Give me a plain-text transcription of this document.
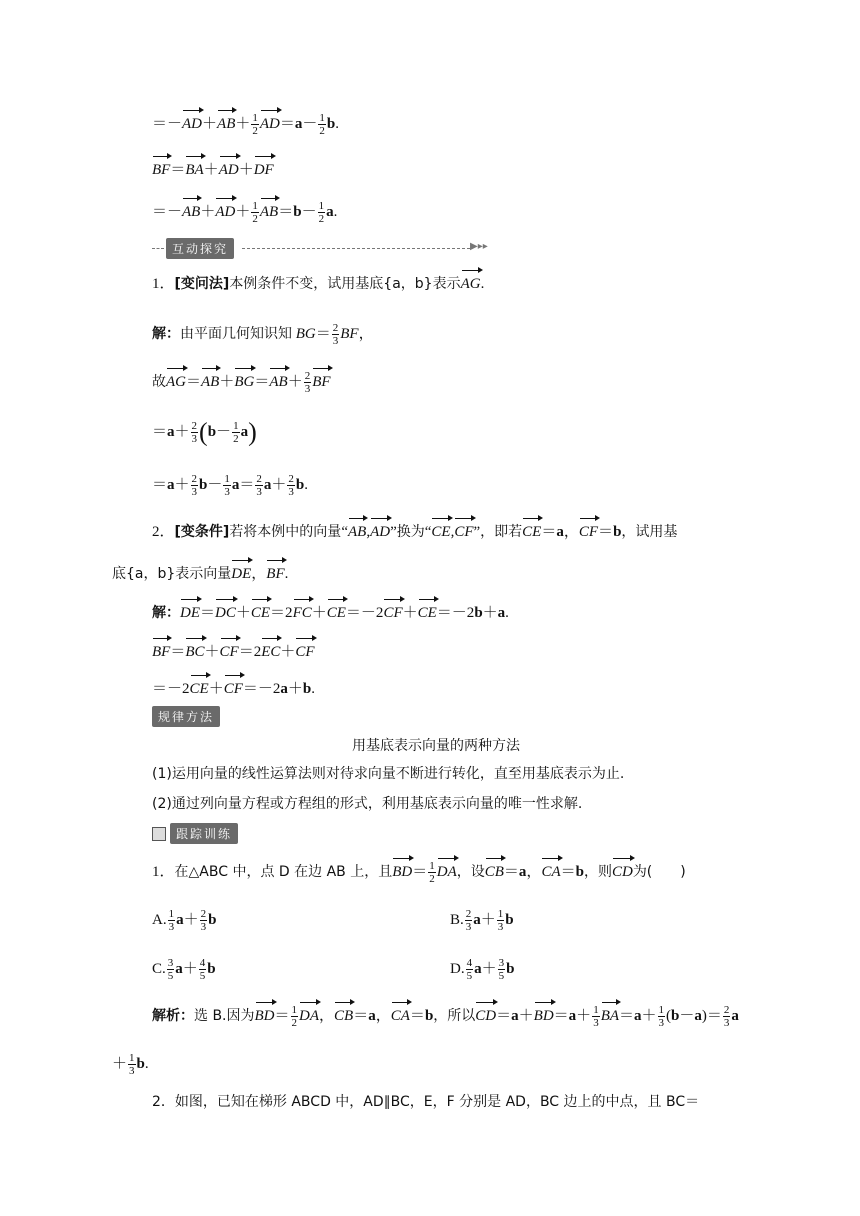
$=-AD+AB+ \frac{1}{2} AD=a- \frac{1}{2} b$.
BF＝BA＋AD＋DF
$=-AB+AD+ \frac{1}{2} AB=b- \frac{1}{2} a$.
互动探究	▶▸▸
1．[变问法]本例条件不变，试用基底{a，b}表示AG.
解：由平面几何知识知 $BG= \frac{2}{3}$ BF，
故$AG=AB+BG=AB+ \frac{2}{3}$ BF
$=a+ \frac{2}{3} (b- \frac{1}{2} a)$
$=a+ \frac{2}{3} b- \frac{1}{3} a= \frac{2}{3} a+ \frac{2}{3} b$.
2．[变条件]若将本例中的向量“AB,AD”换为“CE,CF”，即若CE＝a，CF＝b，试用基
底{a，b}表示向量DE，BF.
解：DE＝DC＋CE＝2FC＋CE＝－2CF＋CE＝－2b＋a.
BF＝BC＋CF＝2EC＋CF
＝－2CE＋CF＝－2a＋b.
规律方法
用基底表示向量的两种方法
(1)运用向量的线性运算法则对待求向量不断进行转化，直至用基底表示为止.
(2)通过列向量方程或方程组的形式，利用基底表示向量的唯一性求解.
跟踪训练
1．在△ABC 中，点 D 在边 AB 上，且$BD= \frac{1}{2}$ DA，设CB＝a，CA＝b，则CD为(　　)
A. $\frac{1}{3} a+ \frac{2}{3}$ b	B. $\frac{2}{3} a+ \frac{1}{3}$ b
C. $\frac{3}{5} a+ \frac{4}{5}$ b	D. $\frac{4}{5} a+ \frac{3}{5}$ b
解析：选 B.因为$BD= \frac{1}{2}$ DA，CB＝a，CA＝b，所以$CD=a+BD=a+ \frac{1}{3} BA=a+ \frac{1}{3} (b-a)= \frac{2}{3}$ a
＋ $\frac{1}{3} b$.
2．如图，已知在梯形 ABCD 中，AD∥BC，E，F 分别是 AD，BC 边上的中点，且 BC＝
